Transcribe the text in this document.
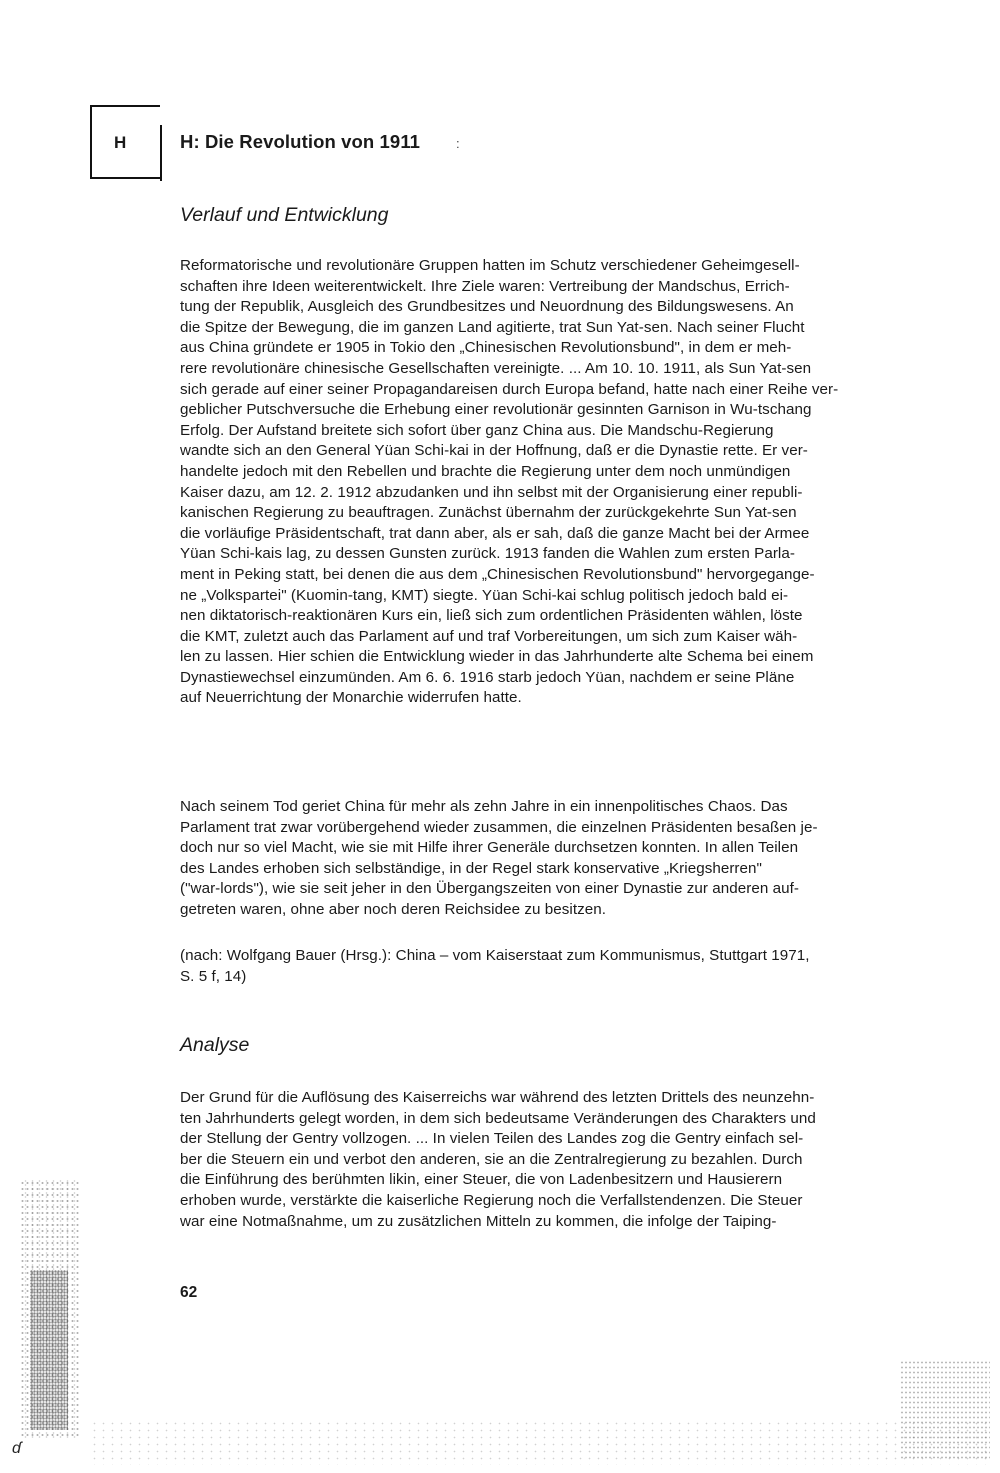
H	H: Die Revolution von 1911	:
Verlauf und Entwicklung
Reformatorische und revolutionäre Gruppen hatten im Schutz verschiedener Geheimgesell-
schaften ihre Ideen weiterentwickelt. Ihre Ziele waren: Vertreibung der Mandschus, Errich-
tung der Republik, Ausgleich des Grundbesitzes und Neuordnung des Bildungswesens. An
die Spitze der Bewegung, die im ganzen Land agitierte, trat Sun Yat-sen. Nach seiner Flucht
aus China gründete er 1905 in Tokio den „Chinesischen Revolutionsbund", in dem er meh-
rere revolutionäre chinesische Gesellschaften vereinigte. ... Am 10. 10. 1911, als Sun Yat-sen
sich gerade auf einer seiner Propagandareisen durch Europa befand, hatte nach einer Reihe ver-
geblicher Putschversuche die Erhebung einer revolutionär gesinnten Garnison in Wu-tschang
Erfolg. Der Aufstand breitete sich sofort über ganz China aus. Die Mandschu-Regierung
wandte sich an den General Yüan Schi-kai in der Hoffnung, daß er die Dynastie rette. Er ver-
handelte jedoch mit den Rebellen und brachte die Regierung unter dem noch unmündigen
Kaiser dazu, am 12. 2. 1912 abzudanken und ihn selbst mit der Organisierung einer republi-
kanischen Regierung zu beauftragen. Zunächst übernahm der zurückgekehrte Sun Yat-sen
die vorläufige Präsidentschaft, trat dann aber, als er sah, daß die ganze Macht bei der Armee
Yüan Schi-kais lag, zu dessen Gunsten zurück. 1913 fanden die Wahlen zum ersten Parla-
ment in Peking statt, bei denen die aus dem „Chinesischen Revolutionsbund" hervorgegange-
ne „Volkspartei" (Kuomin-tang, KMT) siegte. Yüan Schi-kai schlug politisch jedoch bald ei-
nen diktatorisch-reaktionären Kurs ein, ließ sich zum ordentlichen Präsidenten wählen, löste
die KMT, zuletzt auch das Parlament auf und traf Vorbereitungen, um sich zum Kaiser wäh-
len zu lassen. Hier schien die Entwicklung wieder in das Jahrhunderte alte Schema bei einem
Dynastiewechsel einzumünden. Am 6. 6. 1916 starb jedoch Yüan, nachdem er seine Pläne
auf Neuerrichtung der Monarchie widerrufen hatte.
Nach seinem Tod geriet China für mehr als zehn Jahre in ein innenpolitisches Chaos. Das
Parlament trat zwar vorübergehend wieder zusammen, die einzelnen Präsidenten besaßen je-
doch nur so viel Macht, wie sie mit Hilfe ihrer Generäle durchsetzen konnten. In allen Teilen
des Landes erhoben sich selbständige, in der Regel stark konservative „Kriegsherren"
("war-lords"), wie sie seit jeher in den Übergangszeiten von einer Dynastie zur anderen auf-
getreten waren, ohne aber noch deren Reichsidee zu besitzen.
(nach: Wolfgang Bauer (Hrsg.): China – vom Kaiserstaat zum Kommunismus, Stuttgart 1971,
S. 5 f, 14)
Analyse
Der Grund für die Auflösung des Kaiserreichs war während des letzten Drittels des neunzehn-
ten Jahrhunderts gelegt worden, in dem sich bedeutsame Veränderungen des Charakters und
der Stellung der Gentry vollzogen. ... In vielen Teilen des Landes zog die Gentry einfach sel-
ber die Steuern ein und verbot den anderen, sie an die Zentralregierung zu bezahlen. Durch
die Einführung des berühmten likin, einer Steuer, die von Ladenbesitzern und Hausierern
erhoben wurde, verstärkte die kaiserliche Regierung noch die Verfallstendenzen. Die Steuer
war eine Notmaßnahme, um zu zusätzlichen Mitteln zu kommen, die infolge der Taiping-
62
ɗ
